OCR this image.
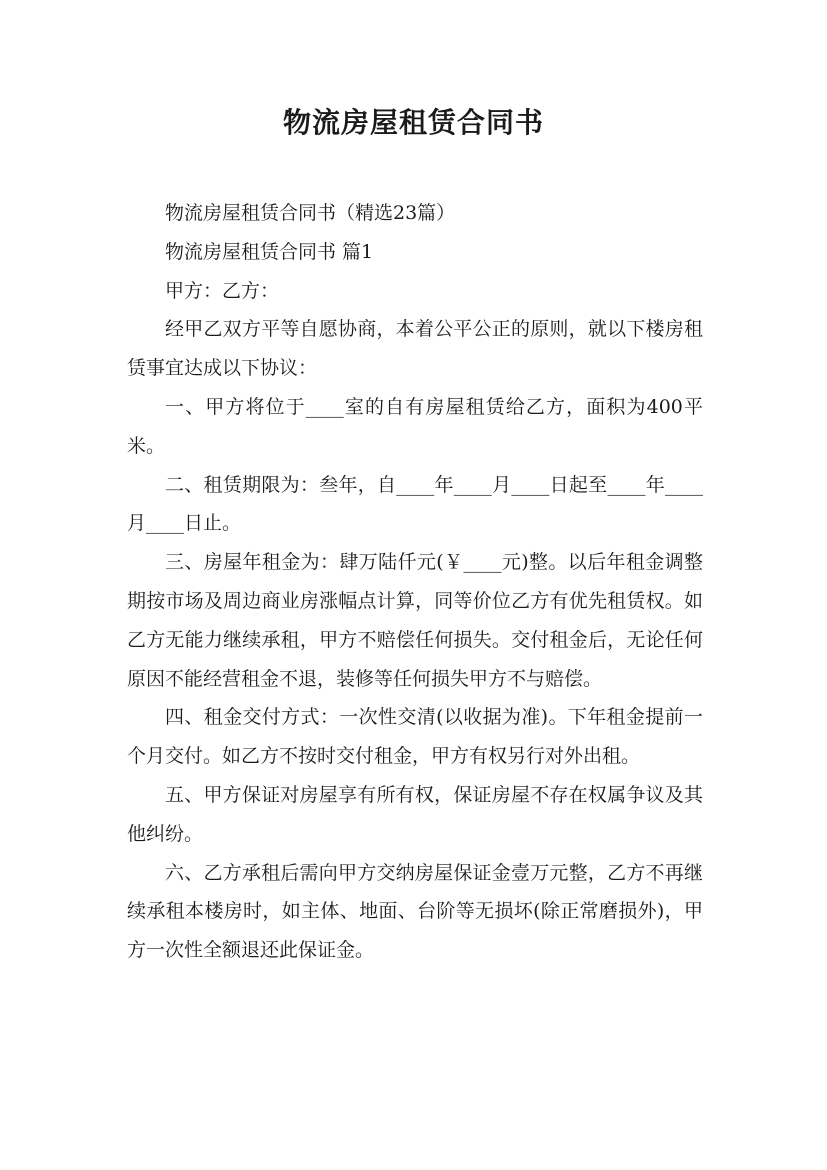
物流房屋租赁合同书

物流房屋租赁合同书（精选23篇）

物流房屋租赁合同书 篇1

甲方：乙方：

经甲乙双方平等自愿协商，本着公平公正的原则，就以下楼房租赁事宜达成以下协议：

一、甲方将位于____室的自有房屋租赁给乙方，面积为400平米。

二、租赁期限为：叁年，自____年____月____日起至____年____月____日止。

三、房屋年租金为：肆万陆仟元(￥____元)整。以后年租金调整期按市场及周边商业房涨幅点计算，同等价位乙方有优先租赁权。如乙方无能力继续承租，甲方不赔偿任何损失。交付租金后，无论任何原因不能经营租金不退，装修等任何损失甲方不与赔偿。

四、租金交付方式：一次性交清(以收据为准)。下年租金提前一个月交付。如乙方不按时交付租金，甲方有权另行对外出租。

五、甲方保证对房屋享有所有权，保证房屋不存在权属争议及其他纠纷。

六、乙方承租后需向甲方交纳房屋保证金壹万元整，乙方不再继续承租本楼房时，如主体、地面、台阶等无损坏(除正常磨损外)，甲方一次性全额退还此保证金。
